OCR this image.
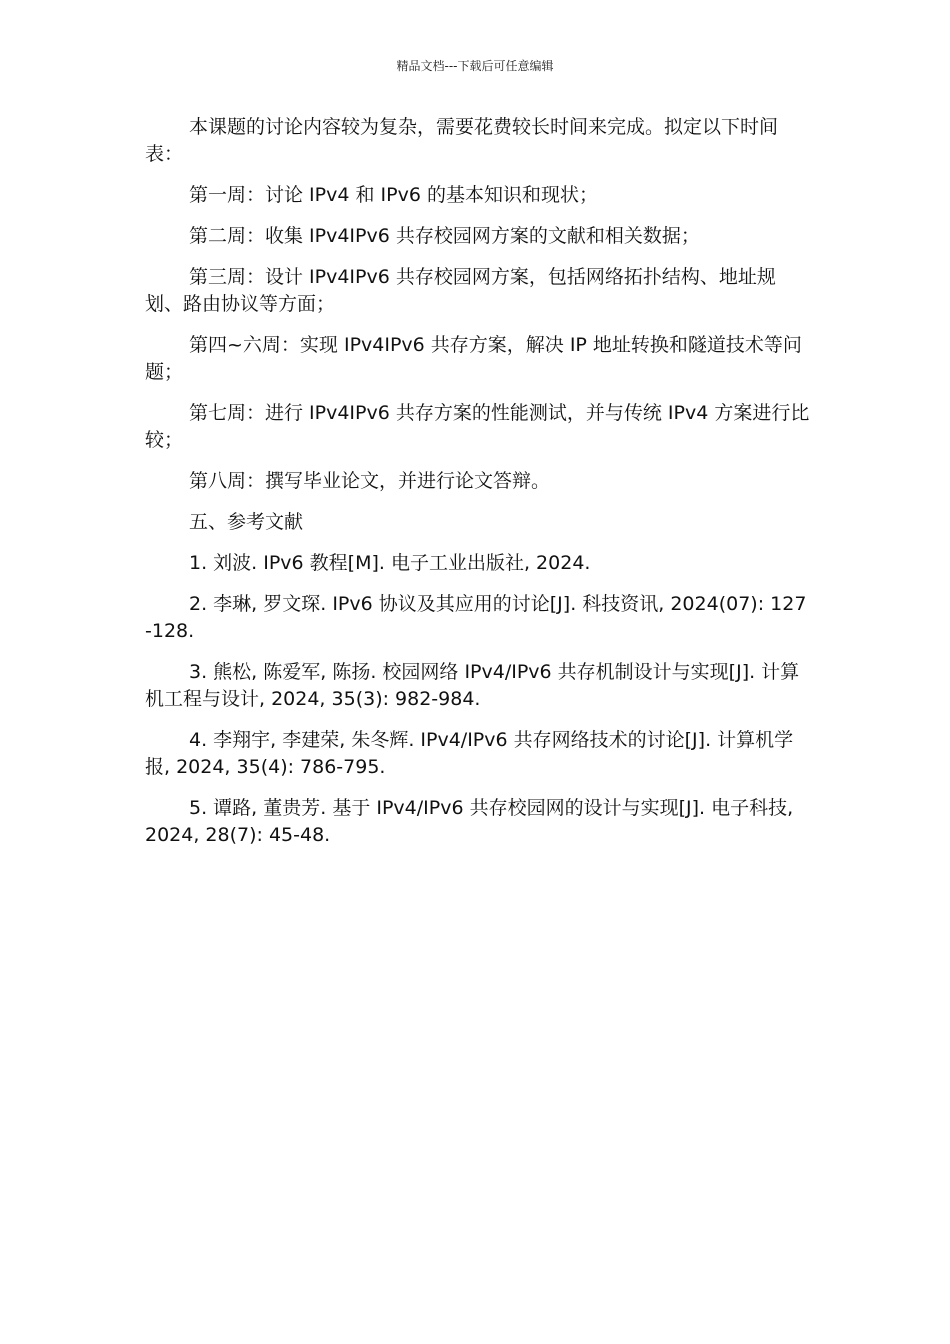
精品文档---下载后可任意编辑

本课题的讨论内容较为复杂，需要花费较长时间来完成。拟定以下时间表：

第一周：讨论 IPv4 和 IPv6 的基本知识和现状；

第二周：收集 IPv4IPv6 共存校园网方案的文献和相关数据；

第三周：设计 IPv4IPv6 共存校园网方案，包括网络拓扑结构、地址规划、路由协议等方面；

第四~六周：实现 IPv4IPv6 共存方案，解决 IP 地址转换和隧道技术等问题；

第七周：进行 IPv4IPv6 共存方案的性能测试，并与传统 IPv4 方案进行比较；

第八周：撰写毕业论文，并进行论文答辩。

五、参考文献

1. 刘波. IPv6 教程[M]. 电子工业出版社, 2024.

2. 李琳, 罗文琛. IPv6 协议及其应用的讨论[J]. 科技资讯, 2024(07): 127-128.

3. 熊松, 陈爱军, 陈扬. 校园网络 IPv4/IPv6 共存机制设计与实现[J]. 计算机工程与设计, 2024, 35(3): 982-984.

4. 李翔宇, 李建荣, 朱冬辉. IPv4/IPv6 共存网络技术的讨论[J]. 计算机学报, 2024, 35(4): 786-795.

5. 谭路, 董贵芳. 基于 IPv4/IPv6 共存校园网的设计与实现[J]. 电子科技, 2024, 28(7): 45-48.
